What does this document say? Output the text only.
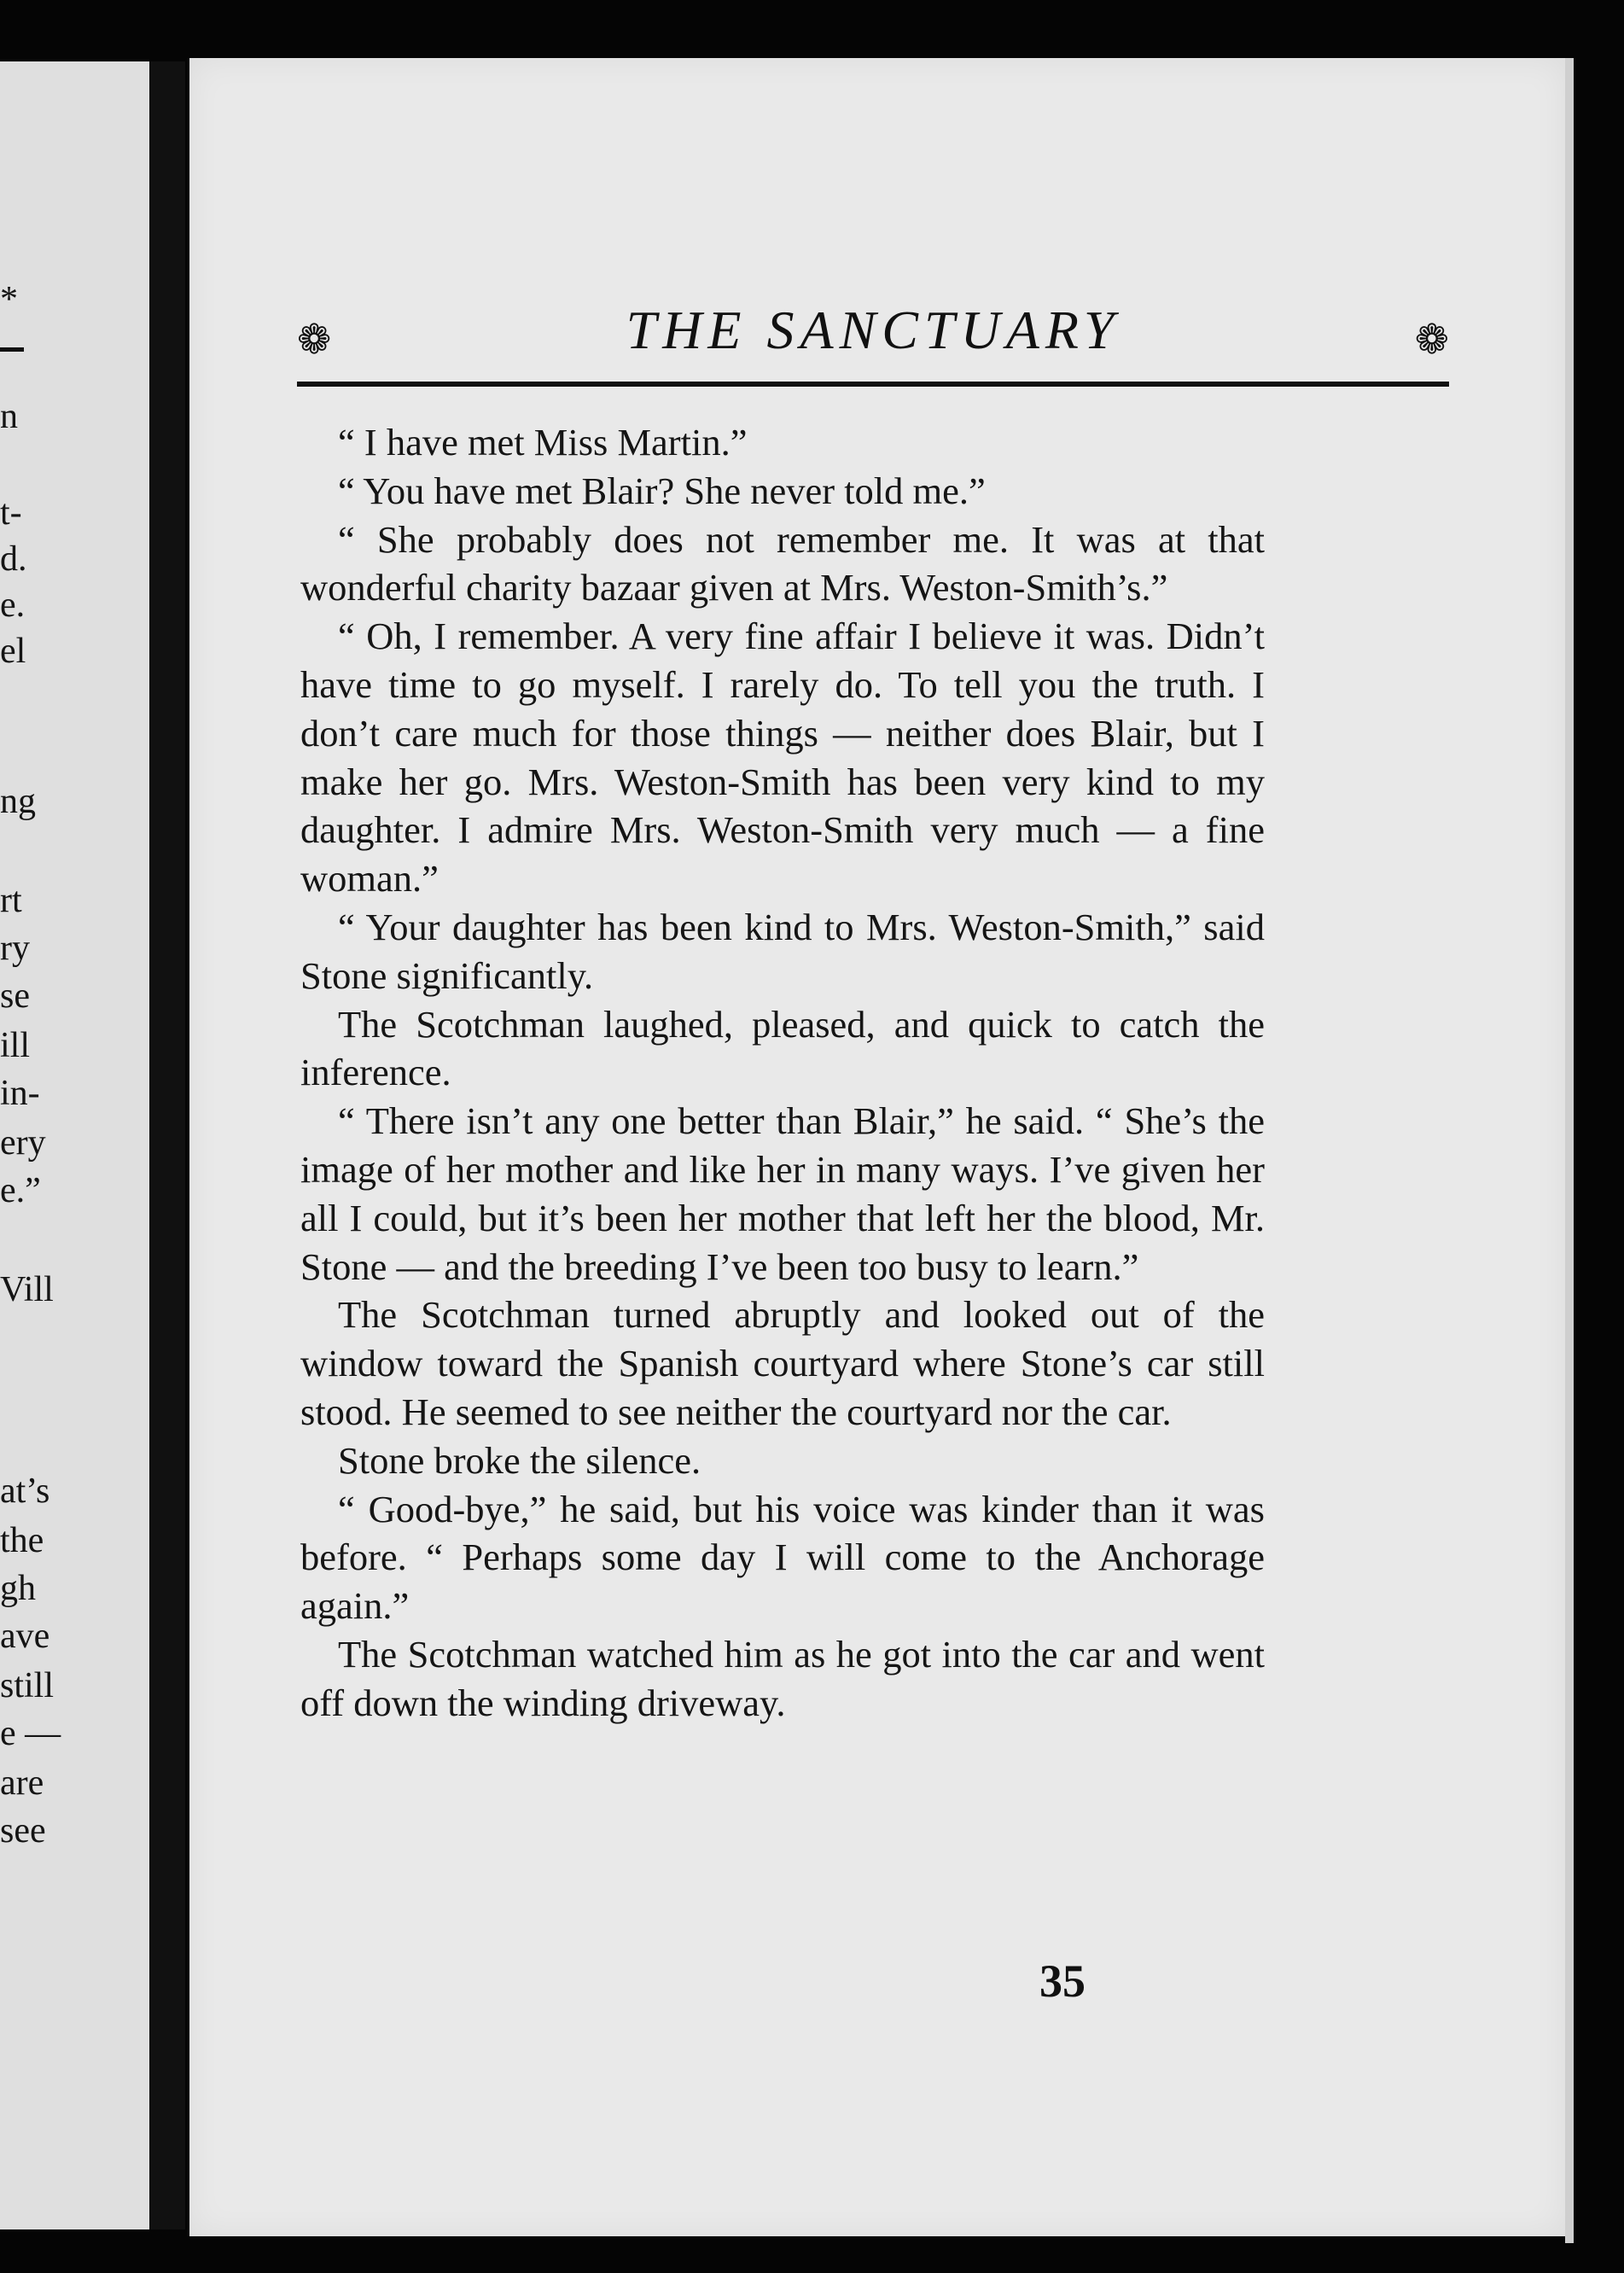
*
n
t-
d.
e.
el
ng
rt
ry
se
ill
in-
ery
e.”
Vill
at’s
the
gh
ave
still
e —
are
see
❁	THE SANCTUARY	❁

“ I have met Miss Martin.”

“ You have met Blair? She never told me.”

“ She probably does not remember me. It was at that wonderful charity bazaar given at Mrs. Weston-Smith’s.”

“ Oh, I remember. A very fine affair I believe it was. Didn’t have time to go myself. I rarely do. To tell you the truth. I don’t care much for those things — neither does Blair, but I make her go. Mrs. Weston-Smith has been very kind to my daughter. I admire Mrs. Weston-Smith very much — a fine woman.”

“ Your daughter has been kind to Mrs. Weston-Smith,” said Stone significantly.

The Scotchman laughed, pleased, and quick to catch the inference.

“ There isn’t any one better than Blair,” he said. “ She’s the image of her mother and like her in many ways. I’ve given her all I could, but it’s been her mother that left her the blood, Mr. Stone — and the breeding I’ve been too busy to learn.”

The Scotchman turned abruptly and looked out of the window toward the Spanish courtyard where Stone’s car still stood. He seemed to see neither the courtyard nor the car.

Stone broke the silence.

“ Good-bye,” he said, but his voice was kinder than it was before. “ Perhaps some day I will come to the Anchorage again.”

The Scotchman watched him as he got into the car and went off down the winding driveway.

35
